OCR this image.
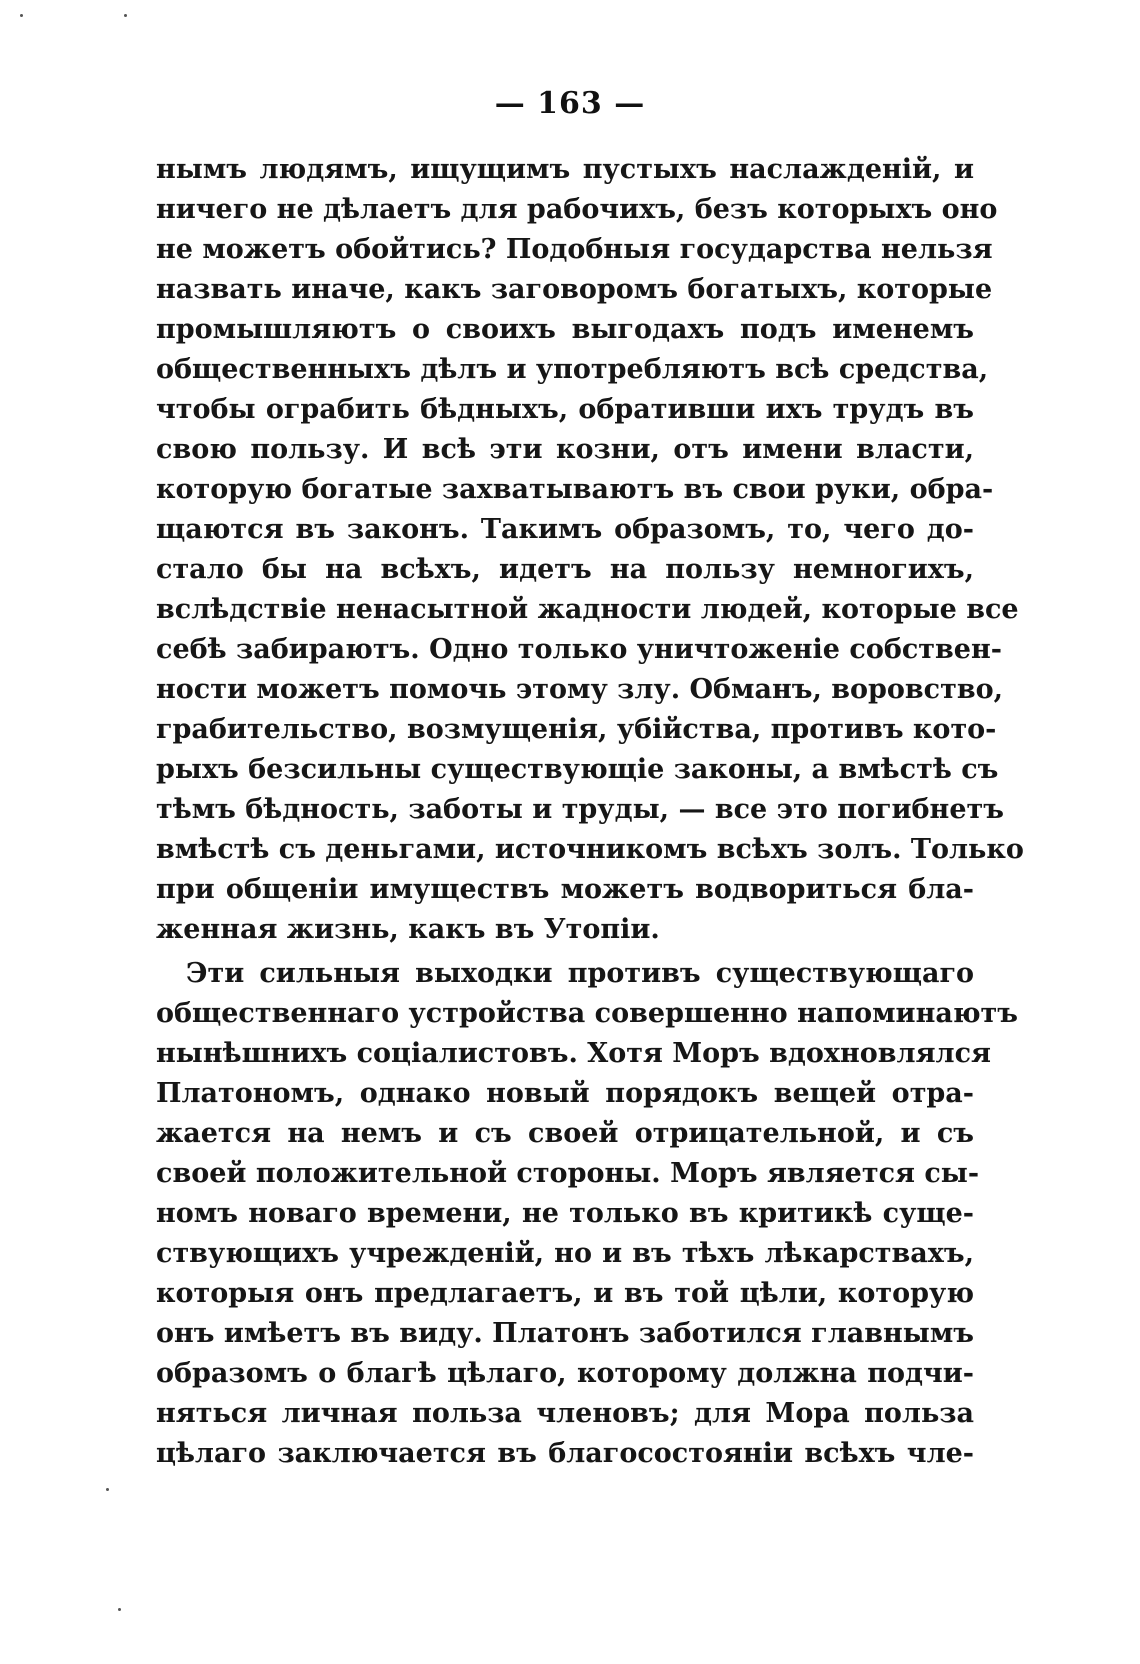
— 163 —
нымъ людямъ, ищущимъ пустыхъ наслажденій, и
ничего не дѣлаетъ для рабочихъ, безъ которыхъ оно
не можетъ обойтись? Подобныя государства нельзя
назвать иначе, какъ заговоромъ богатыхъ, которые
промышляютъ о своихъ выгодахъ подъ именемъ
общественныхъ дѣлъ и употребляютъ всѣ средства,
чтобы ограбить бѣдныхъ, обративши ихъ трудъ въ
свою пользу. И всѣ эти козни, отъ имени власти,
которую богатые захватываютъ въ свои руки, обра-
щаются въ законъ. Такимъ образомъ, то, чего до-
стало бы на всѣхъ, идетъ на пользу немногихъ,
вслѣдствіе ненасытной жадности людей, которые все
себѣ забираютъ. Одно только уничтоженіе собствен-
ности можетъ помочь этому злу. Обманъ, воровство,
грабительство, возмущенія, убійства, противъ кото-
рыхъ безсильны существующіе законы, а вмѣстѣ съ
тѣмъ бѣдность, заботы и труды, — все это погибнетъ
вмѣстѣ съ деньгами, источникомъ всѣхъ золъ. Только
при общеніи имуществъ можетъ водвориться бла-
женная жизнь, какъ въ Утопіи.
Эти сильныя выходки противъ существующаго
общественнаго устройства совершенно напоминаютъ
нынѣшнихъ соціалистовъ. Хотя Моръ вдохновлялся
Платономъ, однако новый порядокъ вещей отра-
жается на немъ и съ своей отрицательной, и съ
своей положительной стороны. Моръ является сы-
номъ новаго времени, не только въ критикѣ суще-
ствующихъ учрежденій, но и въ тѣхъ лѣкарствахъ,
которыя онъ предлагаетъ, и въ той цѣли, которую
онъ имѣетъ въ виду. Платонъ заботился главнымъ
образомъ о благѣ цѣлаго, которому должна подчи-
няться личная польза членовъ; для Мора польза
цѣлаго заключается въ благосостояніи всѣхъ чле-
